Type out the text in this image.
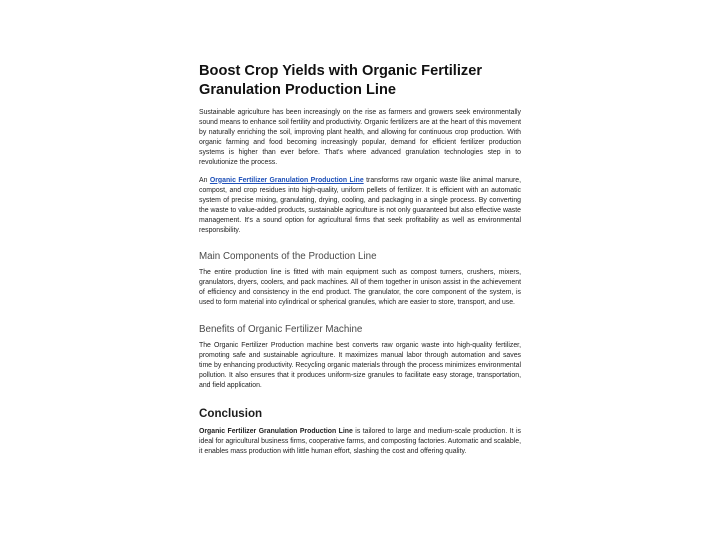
Boost Crop Yields with Organic Fertilizer Granulation Production Line

Sustainable agriculture has been increasingly on the rise as farmers and growers seek environmentally sound means to enhance soil fertility and productivity. Organic fertilizers are at the heart of this movement by naturally enriching the soil, improving plant health, and allowing for continuous crop production. With organic farming and food becoming increasingly popular, demand for efficient fertilizer production systems is higher than ever before. That's where advanced granulation technologies step in to revolutionize the process.

An Organic Fertilizer Granulation Production Line transforms raw organic waste like animal manure, compost, and crop residues into high-quality, uniform pellets of fertilizer. It is efficient with an automatic system of precise mixing, granulating, drying, cooling, and packaging in a single process. By converting the waste to value-added products, sustainable agriculture is not only guaranteed but also effective waste management. It's a sound option for agricultural firms that seek profitability as well as environmental responsibility.

Main Components of the Production Line

The entire production line is fitted with main equipment such as compost turners, crushers, mixers, granulators, dryers, coolers, and pack machines. All of them together in unison assist in the achievement of efficiency and consistency in the end product. The granulator, the core component of the system, is used to form material into cylindrical or spherical granules, which are easier to store, transport, and use.

Benefits of Organic Fertilizer Machine

The Organic Fertilizer Production machine best converts raw organic waste into high-quality fertilizer, promoting safe and sustainable agriculture. It maximizes manual labor through automation and saves time by enhancing productivity. Recycling organic materials through the process minimizes environmental pollution. It also ensures that it produces uniform-size granules to facilitate easy storage, transportation, and field application.

Conclusion

Organic Fertilizer Granulation Production Line is tailored to large and medium-scale production. It is ideal for agricultural business firms, cooperative farms, and composting factories. Automatic and scalable, it enables mass production with little human effort, slashing the cost and offering quality.
